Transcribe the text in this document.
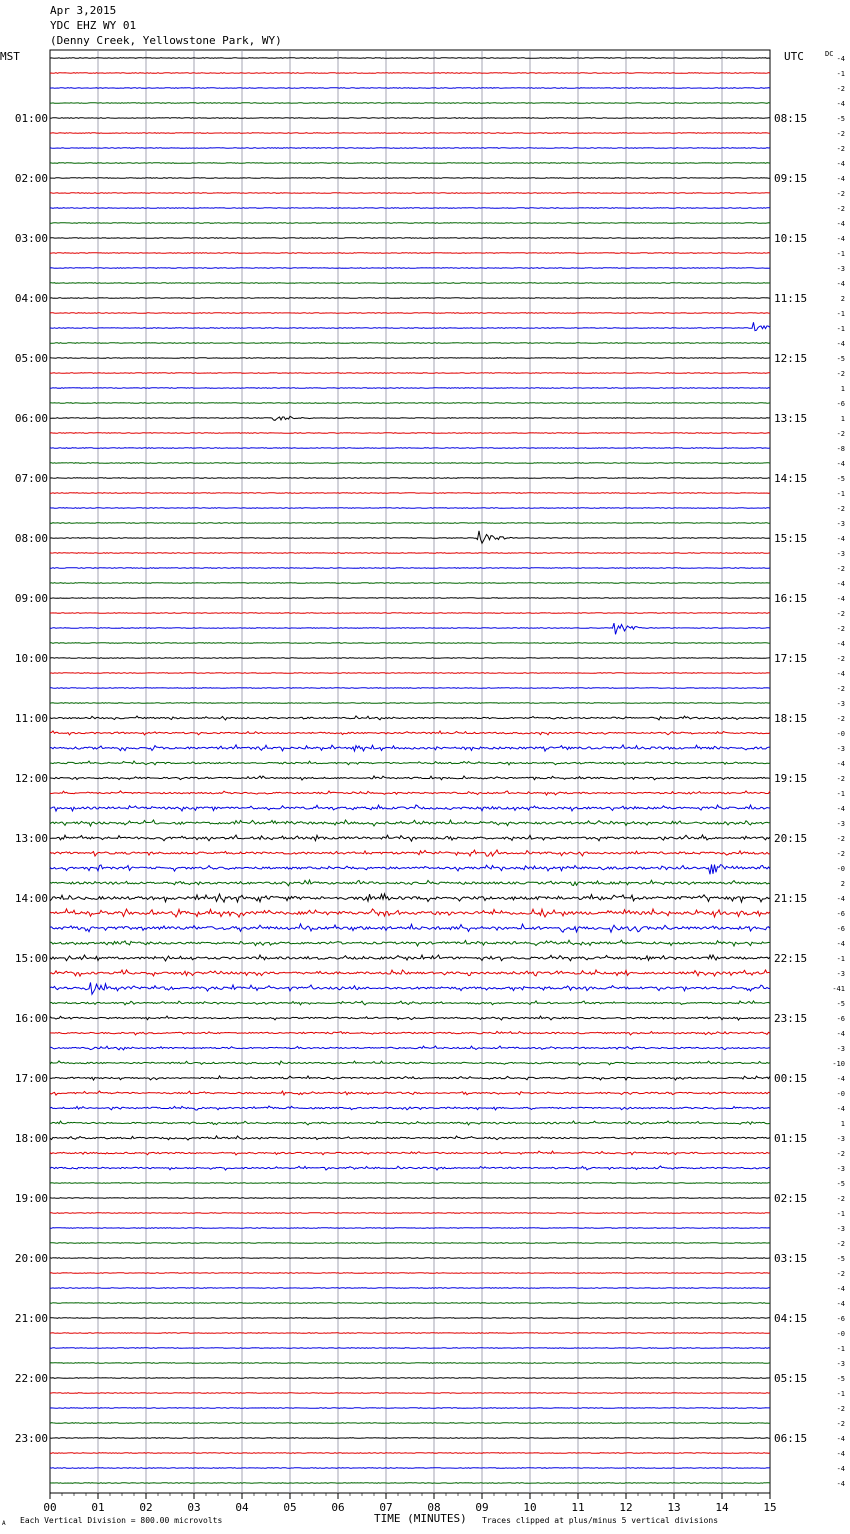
Apr 3,2015
YDC EHZ WY 01
(Denny Creek, Yellowstone Park, WY)
00	01	02	03	04	05	06	07	08	09	10	11	12	13	14	15
-4
-1
-2
-4
-5
01:00	08:15
-2
-2
-4
-4
02:00	09:15
-2
-2
-4
-4
03:00	10:15
-1
-3
-4
2
04:00	11:15
-1
-1
-4
-5
05:00	12:15
-2
1
-6
1
06:00	13:15
-2
-8
-4
-5
07:00	14:15
-1
-2
-3
-4
08:00	15:15
-3
-2
-4
-4
09:00	16:15
-2
-2
-4
-2
10:00	17:15
-4
-2
-3
-2
11:00	18:15
-0
-3
-4
-2
12:00	19:15
-1
-4
-3
-2
13:00	20:15
-2
-0
2
-4
14:00	21:15
-6
-6
-4
-1
15:00	22:15
-3
-41
-5
-6
16:00	23:15
-4
-3
-10
-4
17:00	00:15
-0
-4
1
-3
18:00	01:15
-2
-3
-5
-2
19:00	02:15
-1
-3
-2
-5
20:00	03:15
-2
-4
-4
-6
21:00	04:15
-0
-1
-3
-5
22:00	05:15
-1
-2
-2
-4
23:00	06:15
-4
-4
-4
MST	UTC	DC
TIME (MINUTES)
A Each Vertical Division = 800.00 microvolts	Traces clipped at plus/minus 5 vertical divisions
